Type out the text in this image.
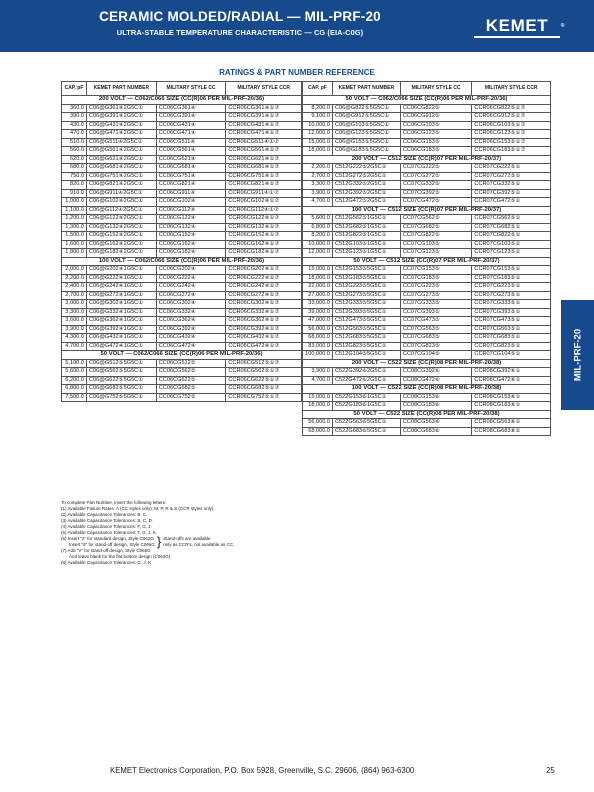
CERAMIC MOLDED/RADIAL — MIL-PRF-20
ULTRA-STABLE TEMPERATURE CHARACTERISTIC — CG (EIA-C0G)	KEMET ®
MIL-PRF-20
RATINGS & PART NUMBER REFERENCE
CAP. pF	KEMET PART NUMBER	MILITARY STYLE CC	MILITARY STYLE CCR
200 VOLT — C062/C066 SIZE (CC(R)06 PER MIL-PRF-20/36)			
360.0	C06@G361④2G5C①	CC06CG361④	CCR06CG361④①⑦
390.0	C06@G391④2G5C①	CC06CG391④	CCR06CG391④①⑦
430.0	C06@G431④2G5C①	CC06CG431④	CCR06CG431④①⑦
470.0	C06@G471④2G5C①	CC06CG471④	CCR06CG471④①⑦
510.0	C06@G511④2G5C①	CC06CG511④	CCR06CG511④①⑦
560.0	C06@G561④2G5C①	CC06CG561④	CCR06CG561④①⑦
620.0	C06@G621④2G5C①	CC06CG621④	CCR06CG621④①⑦
680.0	C06@G681④2G5C①	CC06CG681④	CCR06CG681④①⑦
750.0	C06@G751④2G5C①	CC06CG751④	CCR06CG751④①⑦
820.0	C06@G821④2G5C①	CC06CG821④	CCR06CG821④①⑦
910.0	C06@G911④2G5C①	CC06CG911④	CCR06CG911④①⑦
1,000.0	C06@G102④2G5C①	CC06CG102④	CCR06CG102④①⑦
1,100.0	C06@G112④2G5C①	CC06CG112④	CCR06CG112④①⑦
1,200.0	C06@G122④2G5C①	CC06CG122④	CCR06CG122④①⑦
1,300.0	C06@G132④2G5C①	CC06CG132④	CCR06CG132④①⑦
1,500.0	C06@G152④2G5C①	CC06CG152④	CCR06CG152④①⑦
1,600.0	C06@G162④2G5C①	CC06CG162④	CCR06CG162④①⑦
1,800.0	C06@G182④2G5C①	CC06CG182④	CCR06CG182④①⑦
100 VOLT — C062/C066 SIZE (CC(R)06 PER MIL-PRF-20/36)			
2,000.0	C06@G202④1G5C①	CC06CG202④	CCR06CG202④①⑦
2,200.0	C06@G222④1G5C①	CC06CG222④	CCR06CG222④①⑦
2,400.0	C06@G242④1G5C①	CC06CG242④	CCR06CG242④①⑦
2,700.0	C06@G272④1G5C①	CC06CG272④	CCR06CG272④①⑦
3,000.0	C06@G302④1G5C①	CC06CG302④	CCR06CG302④①⑦
3,300.0	C06@G332④1G5C①	CC06CG332④	CCR06CG332④①⑦
3,600.0	C06@G362④1G5C①	CC06CG362④	CCR06CG362④①⑦
3,900.0	C06@G392④1G5C①	CC06CG392④	CCR06CG392④①⑦
4,300.0	C06@G432④1G5C①	CC06CG432④	CCR06CG432④①⑦
4,700.0	C06@G472④1G5C①	CC06CG472④	CCR06CG472④①⑦
50 VOLT — C062/C066 SIZE (CC(R)06 PER MIL-PRF-20/36)			
5,100.0	C06@G512⑤5G5C①	CC06CG512⑤	CCR06CG512⑤①⑦
5,600.0	C06@G562⑤5G5C①	CC06CG562⑤	CCR06CG562⑤①⑦
6,200.0	C06@G622⑤5G5C①	CC06CG622⑤	CCR06CG622⑤①⑦
6,800.0	C06@G682⑤5G5C①	CC06CG682⑤	CCR06CG682⑤①⑦
7,500.0	C06@G752⑤5G5C①	CC06CG752⑤	CCR06CG752⑤①⑦
CAP. pF	KEMET PART NUMBER	MILITARY STYLE CC	MILITARY STYLE CCR
50 VOLT — C062/C066 SIZE (CC(R)06 PER MIL-PRF-20/36)			
8,200.0	C06@G822⑤5G5C①	CC06CG822⑤	CCR06CG822⑤①⑦
9,100.0	C06@G912⑤5G5C①	CC06CG912⑤	CCR06CG912⑤①⑦
10,000.0	C06@G103⑤5G5C①	CC06CG103⑤	CCR06CG103⑤①⑦
12,000.0	C06@G123⑤5G5C①	CC06CG123⑤	CCR06CG123⑤①⑦
15,000.0	C06@G153⑤5G5C①	CC06CG153⑤	CCR06CG153⑤①⑦
18,000.0	C06@G183⑤5G5C①	CC06CG183⑤	CCR06CG183⑤①⑦
200 VOLT — C512 SIZE (CC(R)07 PER MIL-PRF-20/37)			
2,200.0	C512G222⑤2G5C①	CC07CG222⑤	CCR07CG222⑤①
2,700.0	C512G272⑤2G5C①	CC07CG272⑤	CCR07CG272⑤①
3,300.0	C512G332⑤2G5C①	CC07CG332⑤	CCR07CG332⑤①
3,900.0	C512G392⑤2G5C①	CC07CG392⑤	CCR07CG392⑤①
4,700.0	C512G472⑤2G5C①	CC07CG472⑤	CCR07CG472⑤①
100 VOLT — C512 SIZE (CC(R)07 PER MIL-PRF-20/37)			
5,600.0	C512G562⑤1G5C①	CC07CG562⑤	CCR07CG562⑤①
6,800.0	C512G682⑤1G5C①	CC07CG682⑤	CCR07CG682⑤①
8,200.0	C512G822⑤1G5C①	CC07CG822⑤	CCR07CG822⑤①
10,000.0	C512G103⑤1G5C①	CC07CG103⑤	CCR07CG103⑤①
12,000.0	C512G123⑤1G5C①	CC07CG123⑤	CCR07CG123⑤①
50 VOLT — C512 SIZE (CC(R)07 PER MIL-PRF-20/37)			
15,000.0	C512G153⑤5G5C①	CC07CG153⑤	CCR07CG153⑤①
18,000.0	C512G183⑤5G5C①	CC07CG183⑤	CCR07CG183⑤①
22,000.0	C512G223⑤5G5C①	CC07CG223⑤	CCR07CG223⑤①
27,000.0	C512G273⑤5G5C①	CC07CG273⑤	CCR07CG273⑤①
33,000.0	C512G333⑤5G5C①	CC07CG333⑤	CCR07CG333⑤①
39,000.0	C512G393⑤5G5C①	CC07CG393⑤	CCR07CG393⑤①
47,000.0	C512G473⑤5G5C①	CC07CG473⑤	CCR07CG473⑤①
56,000.0	C512G563⑤5G5C①	CC07CG563⑤	CCR07CG563⑤①
68,000.0	C512G683⑤5G5C①	CC07CG683⑤	CCR07CG683⑤①
83,000.0	C512G823⑤5G5C①	CC07CG823⑤	CCR07CG823⑤①
100,000.0	C512G104⑤5G5C①	CC07CG104⑤	CCR07CG104⑤①
200 VOLT — C522 SIZE (CC(R)08 PER MIL-PRF-20/38)			
3,900.0	C522G392⑥2G5C①	CC08CG392⑥	CCR08CG392⑥①
4,700.0	C522G472⑥2G5C①	CC08CG472⑥	CCR08CG472⑥①
100 VOLT — C522 SIZE (CC(R)08 PER MIL-PRF-20/38)			
15,000.0	C522G153⑥1G5C①	CC08CG153⑥	CCR08CG153⑥①
18,000.0	C522G183⑥1G5C①	CC08CG183⑥	CCR08CG183⑥①
50 VOLT — C522 SIZE (CC(R)08 PER MIL-PRF-20/38)			
56,000.0	C522G563⑥5G5C①	CC08CG563⑥	CCR08CG563⑥①
68,000.0	C522G683⑥5G5C①	CC08CG683⑥	CCR08CG683⑥①
To complete Part Number, insert the following letters:
(1) Available Failure Rates: A (CC styles only); M, P, R & S (CCR styles only).
(2) Available Capacitance Tolerances: B, C.
(3) Available Capacitance Tolerances: B, C, D.
(4) Available Capacitance Tolerances: F, G, J.
(5) Available Capacitance Tolerances: F, G, J, K.
(6) Insert "2" for standard design, Style C062G
Insert "6" for stand-off design, Style C066G } Stand-offs are available
only as CCR's, not available as CC.
(7) Add "V" for stand-off design, Style C066G
And leave blank for the flat bottom design (C062G)
(8) Available Capacitance Tolerances: G, J, K
KEMET Electronics Corporation, P.O. Box 5928, Greenville, S.C. 29606, (864) 963-6300	25
